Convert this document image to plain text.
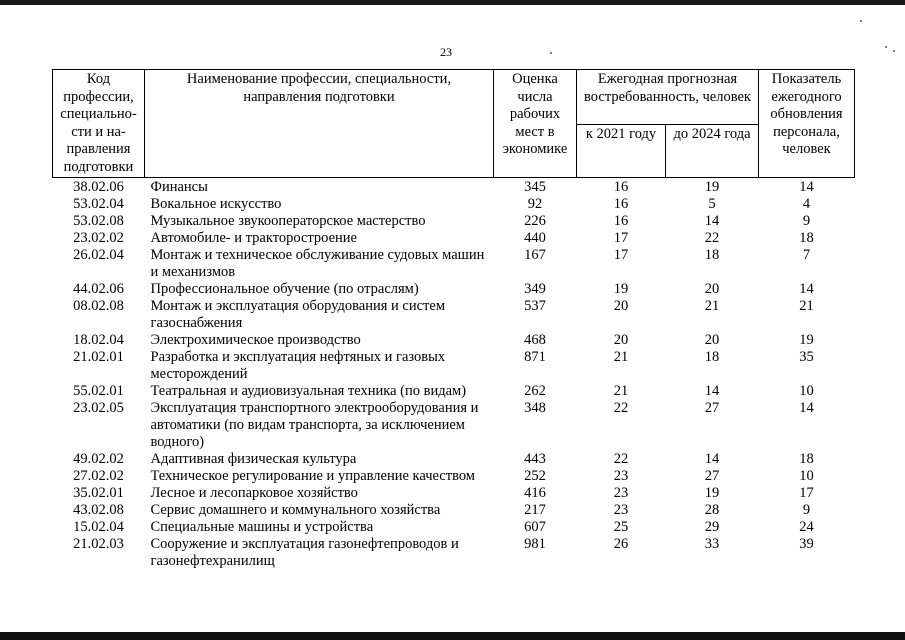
23
Код профессии, специально-сти и на-правления подготовки	Наименование профессии, специальности, направления подготовки	Оценка числа рабочих мест в экономике	Ежегодная прогнозная востребованность, человек		Показатель ежегодного обновления персонала, человек
			к 2021 году	до 2024 года	
38.02.06	Финансы	345	16	19	14
53.02.04	Вокальное искусство	92	16	5	4
53.02.08	Музыкальное звукооператорское мастерство	226	16	14	9
23.02.02	Автомобиле- и тракторостроение	440	17	22	18
26.02.04	Монтаж и техническое обслуживание судовых машин и механизмов	167	17	18	7
44.02.06	Профессиональное обучение (по отраслям)	349	19	20	14
08.02.08	Монтаж и эксплуатация оборудования и систем газоснабжения	537	20	21	21
18.02.04	Электрохимическое производство	468	20	20	19
21.02.01	Разработка и эксплуатация нефтяных и газовых месторождений	871	21	18	35
55.02.01	Театральная и аудиовизуальная техника (по видам)	262	21	14	10
23.02.05	Эксплуатация транспортного электрооборудования и автоматики (по видам транспорта, за исключением водного)	348	22	27	14
49.02.02	Адаптивная физическая культура	443	22	14	18
27.02.02	Техническое регулирование и управление качеством	252	23	27	10
35.02.01	Лесное и лесопарковое хозяйство	416	23	19	17
43.02.08	Сервис домашнего и коммунального хозяйства	217	23	28	9
15.02.04	Специальные машины и устройства	607	25	29	24
21.02.03	Сооружение и эксплуатация газонефтепроводов и газонефтехранилищ	981	26	33	39
